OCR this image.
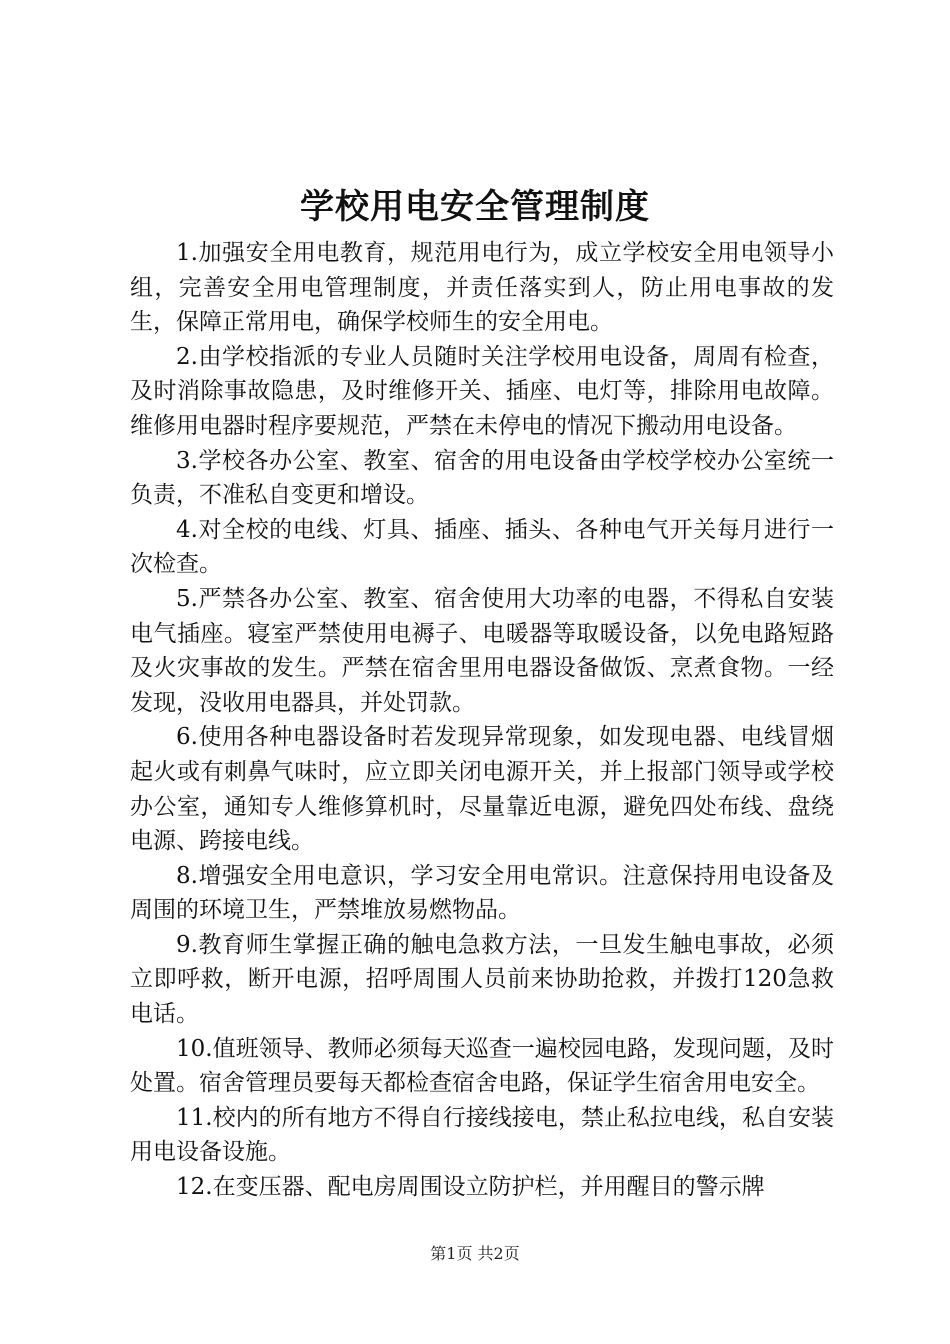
学校用电安全管理制度

1.加强安全用电教育，规范用电行为，成立学校安全用电领导小组，完善安全用电管理制度，并责任落实到人，防止用电事故的发生，保障正常用电，确保学校师生的安全用电。

2.由学校指派的专业人员随时关注学校用电设备，周周有检查，及时消除事故隐患，及时维修开关、插座、电灯等，排除用电故障。维修用电器时程序要规范，严禁在未停电的情况下搬动用电设备。

3.学校各办公室、教室、宿舍的用电设备由学校学校办公室统一负责，不准私自变更和增设。

4.对全校的电线、灯具、插座、插头、各种电气开关每月进行一次检查。

5.严禁各办公室、教室、宿舍使用大功率的电器，不得私自安装电气插座。寝室严禁使用电褥子、电暖器等取暖设备，以免电路短路及火灾事故的发生。严禁在宿舍里用电器设备做饭、烹煮食物。一经发现，没收用电器具，并处罚款。

6.使用各种电器设备时若发现异常现象，如发现电器、电线冒烟起火或有刺鼻气味时，应立即关闭电源开关，并上报部门领导或学校办公室，通知专人维修算机时，尽量靠近电源，避免四处布线、盘绕电源、跨接电线。

8.增强安全用电意识，学习安全用电常识。注意保持用电设备及周围的环境卫生，严禁堆放易燃物品。

9.教育师生掌握正确的触电急救方法，一旦发生触电事故，必须立即呼救，断开电源，招呼周围人员前来协助抢救，并拨打120急救电话。

10.值班领导、教师必须每天巡查一遍校园电路，发现问题，及时处置。宿舍管理员要每天都检查宿舍电路，保证学生宿舍用电安全。

11.校内的所有地方不得自行接线接电，禁止私拉电线，私自安装用电设备设施。

12.在变压器、配电房周围设立防护栏，并用醒目的警示牌

第1页 共2页
